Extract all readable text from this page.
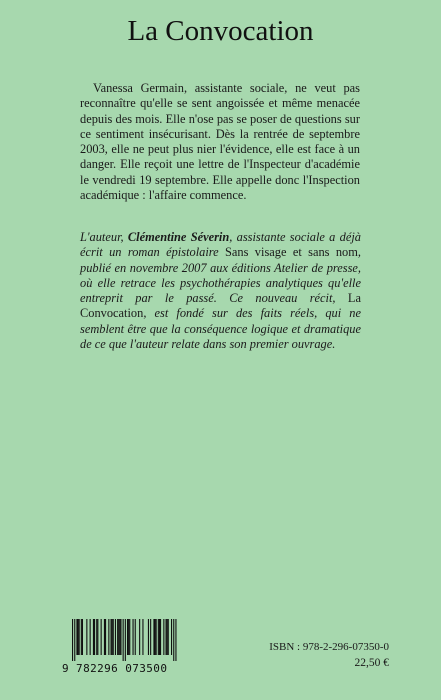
La Convocation

Vanessa Germain, assistante sociale, ne veut pas reconnaître qu'elle se sent angoissée et même menacée depuis des mois. Elle n'ose pas se poser de questions sur ce sentiment insécurisant. Dès la rentrée de septembre 2003, elle ne peut plus nier l'évidence, elle est face à un danger. Elle reçoit une lettre de l'Inspecteur d'académie le vendredi 19 septembre. Elle appelle donc l'Inspection académique : l'affaire commence.

L'auteur, Clémentine Séverin, assistante sociale a déjà écrit un roman épistolaire Sans visage et sans nom, publié en novembre 2007 aux éditions Atelier de presse, où elle retrace les psychothérapies analytiques qu'elle entreprit par le passé. Ce nouveau récit, La Convocation, est fondé sur des faits réels, qui ne semblent être que la conséquence logique et dramatique de ce que l'auteur relate dans son premier ouvrage.

9 782296 073500
ISBN : 978-2-296-07350-0
22,50 €
